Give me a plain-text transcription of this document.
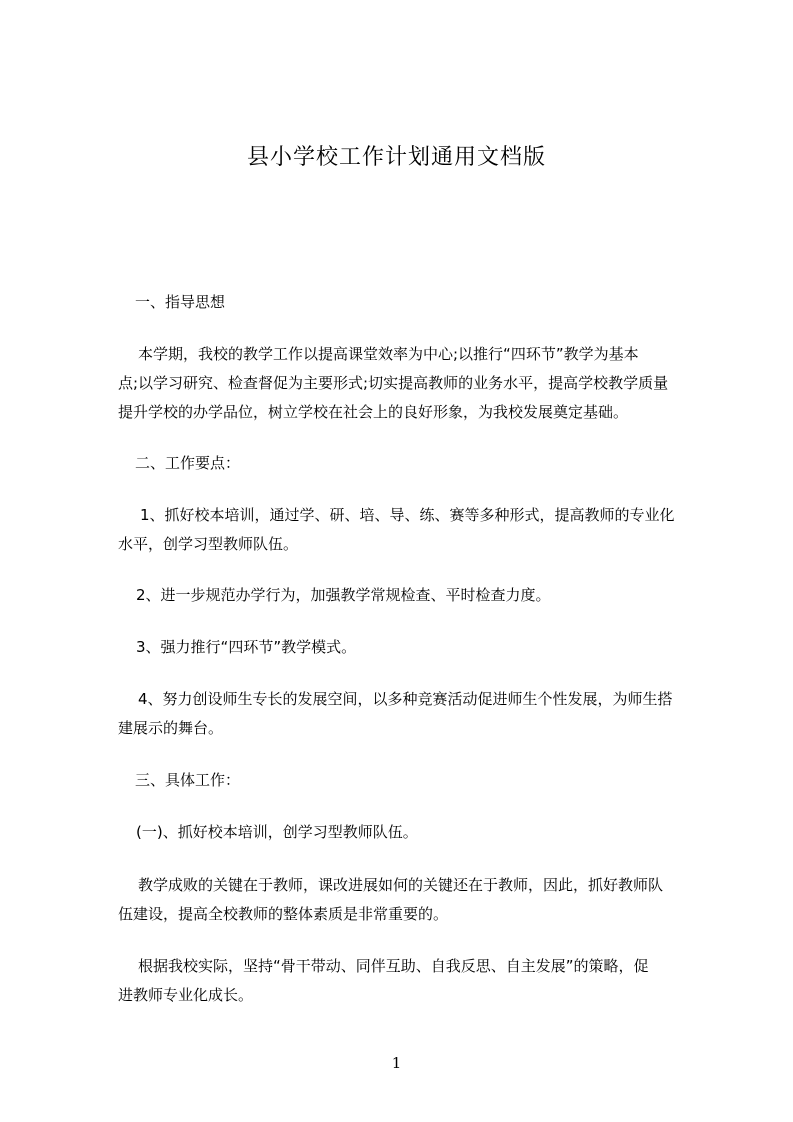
县小学校工作计划通用文档版
一、指导思想
本学期，我校的教学工作以提高课堂效率为中心;以推行“四环节”教学为基本
点;以学习研究、检查督促为主要形式;切实提高教师的业务水平，提高学校教学质量
提升学校的办学品位，树立学校在社会上的良好形象，为我校发展奠定基础。
二、工作要点：
1、抓好校本培训，通过学、研、培、导、练、赛等多种形式，提高教师的专业化
水平，创学习型教师队伍。
2、进一步规范办学行为，加强教学常规检查、平时检查力度。
3、强力推行“四环节”教学模式。
4、努力创设师生专长的发展空间，以多种竞赛活动促进师生个性发展，为师生搭
建展示的舞台。
三、具体工作：
(一)、抓好校本培训，创学习型教师队伍。
教学成败的关键在于教师，课改进展如何的关键还在于教师，因此，抓好教师队
伍建设，提高全校教师的整体素质是非常重要的。
根据我校实际，坚持“骨干带动、同伴互助、自我反思、自主发展”的策略，促
进教师专业化成长。
1
